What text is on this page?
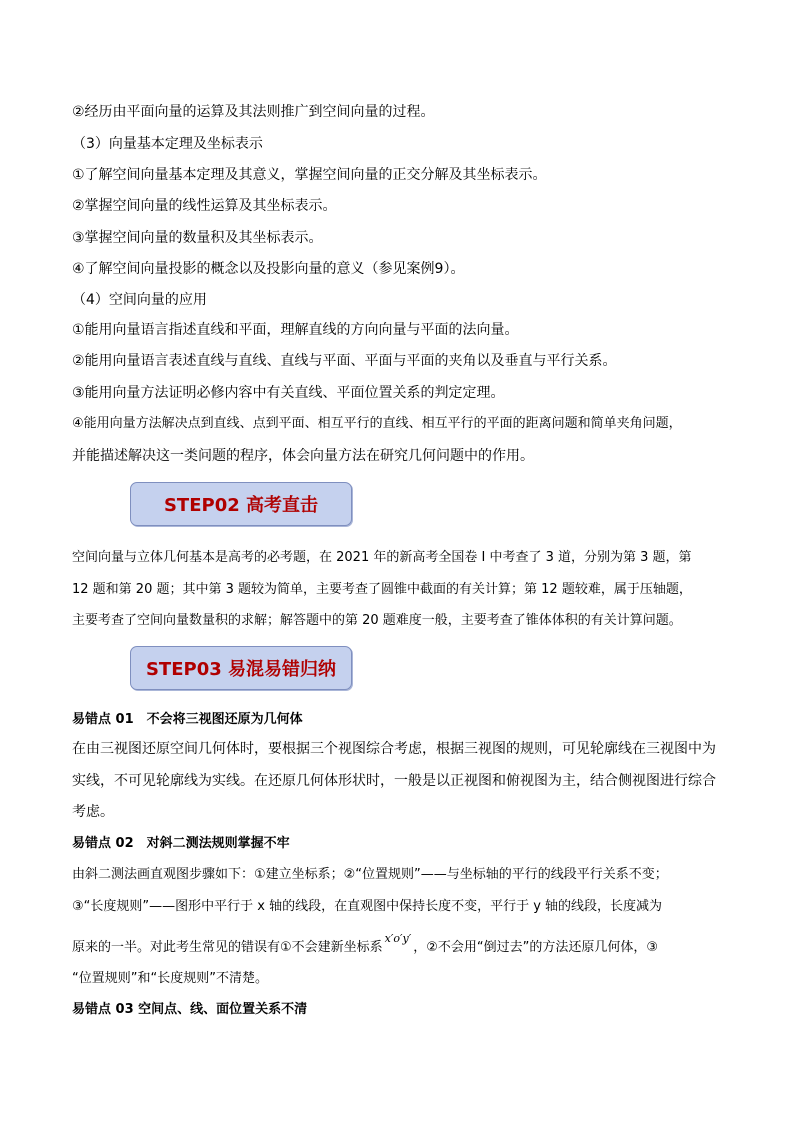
②经历由平面向量的运算及其法则推广到空间向量的过程。
（3）向量基本定理及坐标表示
①了解空间向量基本定理及其意义，掌握空间向量的正交分解及其坐标表示。
②掌握空间向量的线性运算及其坐标表示。
③掌握空间向量的数量积及其坐标表示。
④了解空间向量投影的概念以及投影向量的意义（参见案例9）。
（4）空间向量的应用
①能用向量语言指述直线和平面，理解直线的方向向量与平面的法向量。
②能用向量语言表述直线与直线、直线与平面、平面与平面的夹角以及垂直与平行关系。
③能用向量方法证明必修内容中有关直线、平面位置关系的判定定理。
④能用向量方法解决点到直线、点到平面、相互平行的直线、相互平行的平面的距离问题和简单夹角问题，
并能描述解决这一类问题的程序，体会向量方法在研究几何问题中的作用。
STEP02 高考直击
空间向量与立体几何基本是高考的必考题，在 2021 年的新高考全国卷 I 中考查了 3 道，分别为第 3 题，第
12 题和第 20 题；其中第 3 题较为简单，主要考查了圆锥中截面的有关计算；第 12 题较难，属于压轴题，
主要考查了空间向量数量积的求解；解答题中的第 20 题难度一般，主要考查了锥体体积的有关计算问题。
STEP03 易混易错归纳
易错点 01　不会将三视图还原为几何体
在由三视图还原空间几何体时，要根据三个视图综合考虑，根据三视图的规则，可见轮廓线在三视图中为
实线，不可见轮廓线为实线。在还原几何体形状时，一般是以正视图和俯视图为主，结合侧视图进行综合
考虑。
易错点 02　对斜二测法规则掌握不牢
由斜二测法画直观图步骤如下：①建立坐标系；②“位置规则”——与坐标轴的平行的线段平行关系不变；
③“长度规则”——图形中平行于 x 轴的线段，在直观图中保持长度不变，平行于 y 轴的线段，长度减为
原来的一半。对此考生常见的错误有①不会建新坐标系$^{x'o'y'}$，②不会用“倒过去”的方法还原几何体，③
“位置规则”和“长度规则”不清楚。
易错点 03 空间点、线、面位置关系不清
